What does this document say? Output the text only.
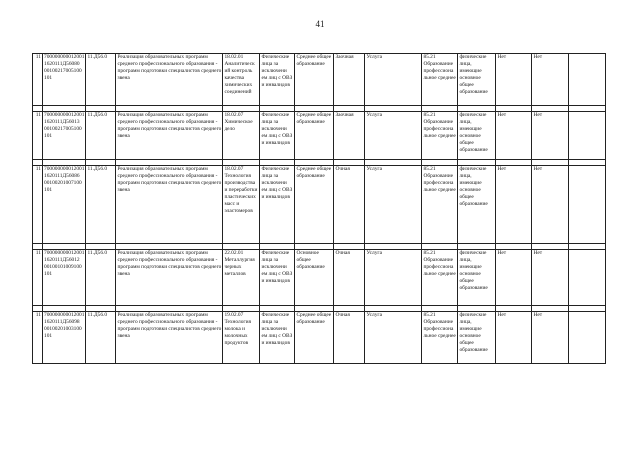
41
11	700000000012001 1620111Д56080 00100217005100 101	11.Д56.0	Реализация образовательных программ среднего профессионального образования - программ подготовки специалистов среднего звена	18.02.01 Аналитическ ий контроль качества химических соединений	Физические лица за исключени ем лиц с ОВЗ и инвалидов	Среднее общее образование	Заочная	Услуга	85.21 Образование профессиона льное среднее	физические лица, имеющие основное общее образование	Нет	Нет	

11	700000000012001 1620111Д56013 00100217005100 101	11.Д56.0	Реализация образовательных программ среднего профессионального образования - программ подготовки специалистов среднего звена	18.02.07 Химическое дело	Физические лица за исключени ем лиц с ОВЗ и инвалидов	Среднее общее образование	Заочная	Услуга	85.21 Образование профессиона льное среднее	физические лица, имеющие основное общее образование	Нет	Нет	

11	700000000012001 1620111Д56086 00100201007100 101	11.Д56.0	Реализация образовательных программ среднего профессионального образования - программ подготовки специалистов среднего звена	18.02.07 Технология производства и переработки пластических масс и эластомеров	Физические лица за исключени ем лиц с ОВЗ и инвалидов	Среднее общее образование	Очная	Услуга	85.21 Образование профессиона льное среднее	физические лица, имеющие основное общее образование	Нет	Нет	

11	700000000012001 1620111Д56012 00100101009100 101	11.Д56.0	Реализация образовательных программ среднего профессионального образования - программ подготовки специалистов среднего звена	22.02.01 Металлургия черных металлов	Физические лица за исключени ем лиц с ОВЗ и инвалидов	Основное общее образование	Очная	Услуга	85.21 Образование профессиона льное среднее	физические лица, имеющие основное общее образование	Нет	Нет	

11	700000000012001 1620111Д56098 00100201003100 101	11.Д56.0	Реализация образовательных программ среднего профессионального образования - программ подготовки специалистов среднего звена	19.02.07 Технология молока и молочных продуктов	Физические лица за исключени ем лиц с ОВЗ и инвалидов	Среднее общее образование	Очная	Услуга	85.21 Образование профессиона льное среднее	физические лица, имеющие основное общее образование	Нет	Нет	
